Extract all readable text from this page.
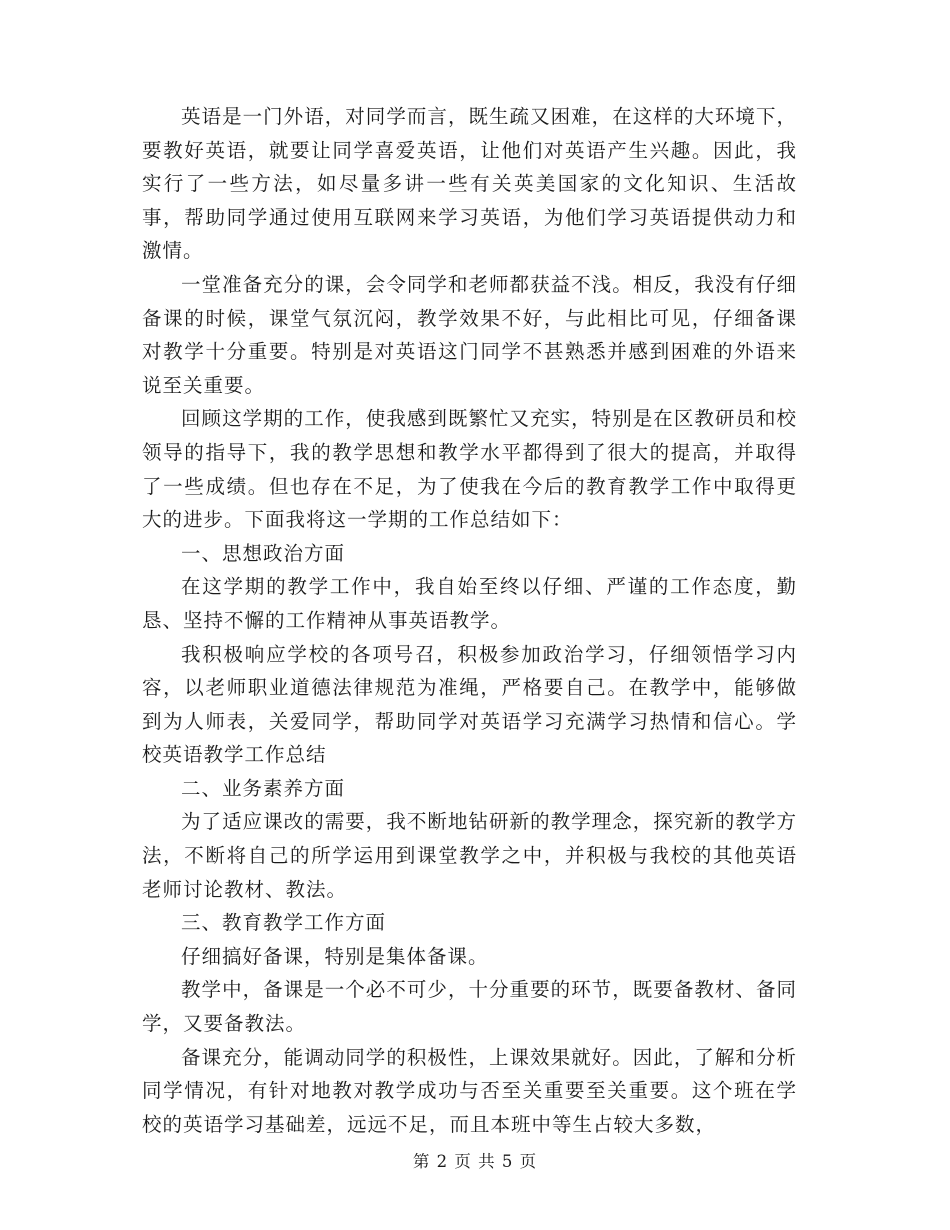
英语是一门外语，对同学而言，既生疏又困难，在这样的大环境下，要教好英语，就要让同学喜爱英语，让他们对英语产生兴趣。因此，我实行了一些方法，如尽量多讲一些有关英美国家的文化知识、生活故事，帮助同学通过使用互联网来学习英语，为他们学习英语提供动力和激情。

一堂准备充分的课，会令同学和老师都获益不浅。相反，我没有仔细备课的时候，课堂气氛沉闷，教学效果不好，与此相比可见，仔细备课对教学十分重要。特别是对英语这门同学不甚熟悉并感到困难的外语来说至关重要。

回顾这学期的工作，使我感到既繁忙又充实，特别是在区教研员和校领导的指导下，我的教学思想和教学水平都得到了很大的提高，并取得了一些成绩。但也存在不足，为了使我在今后的教育教学工作中取得更大的进步。下面我将这一学期的工作总结如下：

一、思想政治方面

在这学期的教学工作中，我自始至终以仔细、严谨的工作态度，勤恳、坚持不懈的工作精神从事英语教学。

我积极响应学校的各项号召，积极参加政治学习，仔细领悟学习内容，以老师职业道德法律规范为准绳，严格要自己。在教学中，能够做到为人师表，关爱同学，帮助同学对英语学习充满学习热情和信心。学校英语教学工作总结

二、业务素养方面

为了适应课改的需要，我不断地钻研新的教学理念，探究新的教学方法，不断将自己的所学运用到课堂教学之中，并积极与我校的其他英语老师讨论教材、教法。

三、教育教学工作方面

仔细搞好备课，特别是集体备课。

教学中，备课是一个必不可少，十分重要的环节，既要备教材、备同学，又要备教法。

备课充分，能调动同学的积极性，上课效果就好。因此，了解和分析同学情况，有针对地教对教学成功与否至关重要至关重要。这个班在学校的英语学习基础差，远远不足，而且本班中等生占较大多数，

第 2 页 共 5 页
